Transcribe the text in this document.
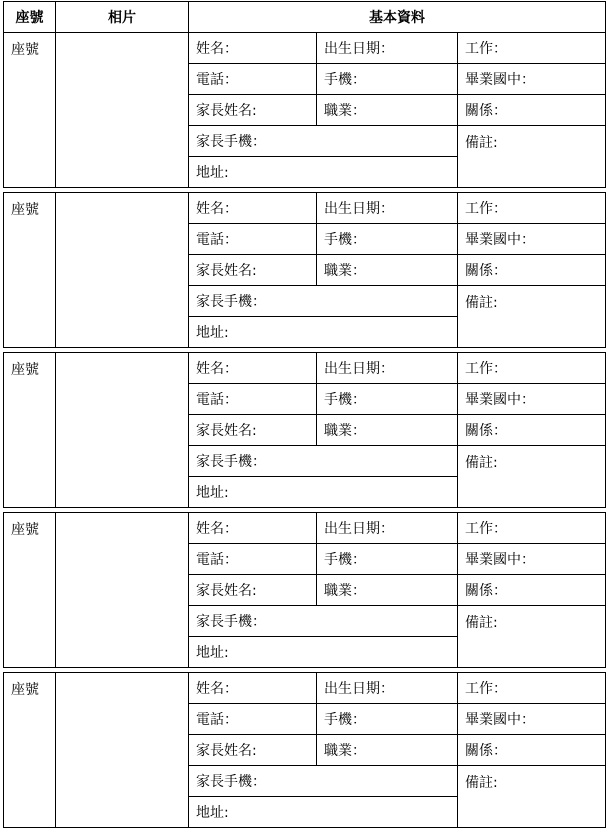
座號	相片	基本資料
座號		姓名：	出生日期：	工作：
		電話：	手機：	畢業國中：
		家長姓名:	職業：	關係：
		家長手機：		備註:
		地址:		
座號		姓名：	出生日期：	工作：
		電話：	手機：	畢業國中：
		家長姓名:	職業：	關係：
		家長手機：		備註:
		地址:		
座號		姓名：	出生日期：	工作：
		電話：	手機：	畢業國中：
		家長姓名:	職業：	關係：
		家長手機：		備註:
		地址:		
座號		姓名：	出生日期：	工作：
		電話：	手機：	畢業國中：
		家長姓名:	職業：	關係：
		家長手機：		備註:
		地址:		
座號		姓名：	出生日期：	工作：
		電話：	手機：	畢業國中：
		家長姓名:	職業：	關係：
		家長手機：		備註:
		地址:		
